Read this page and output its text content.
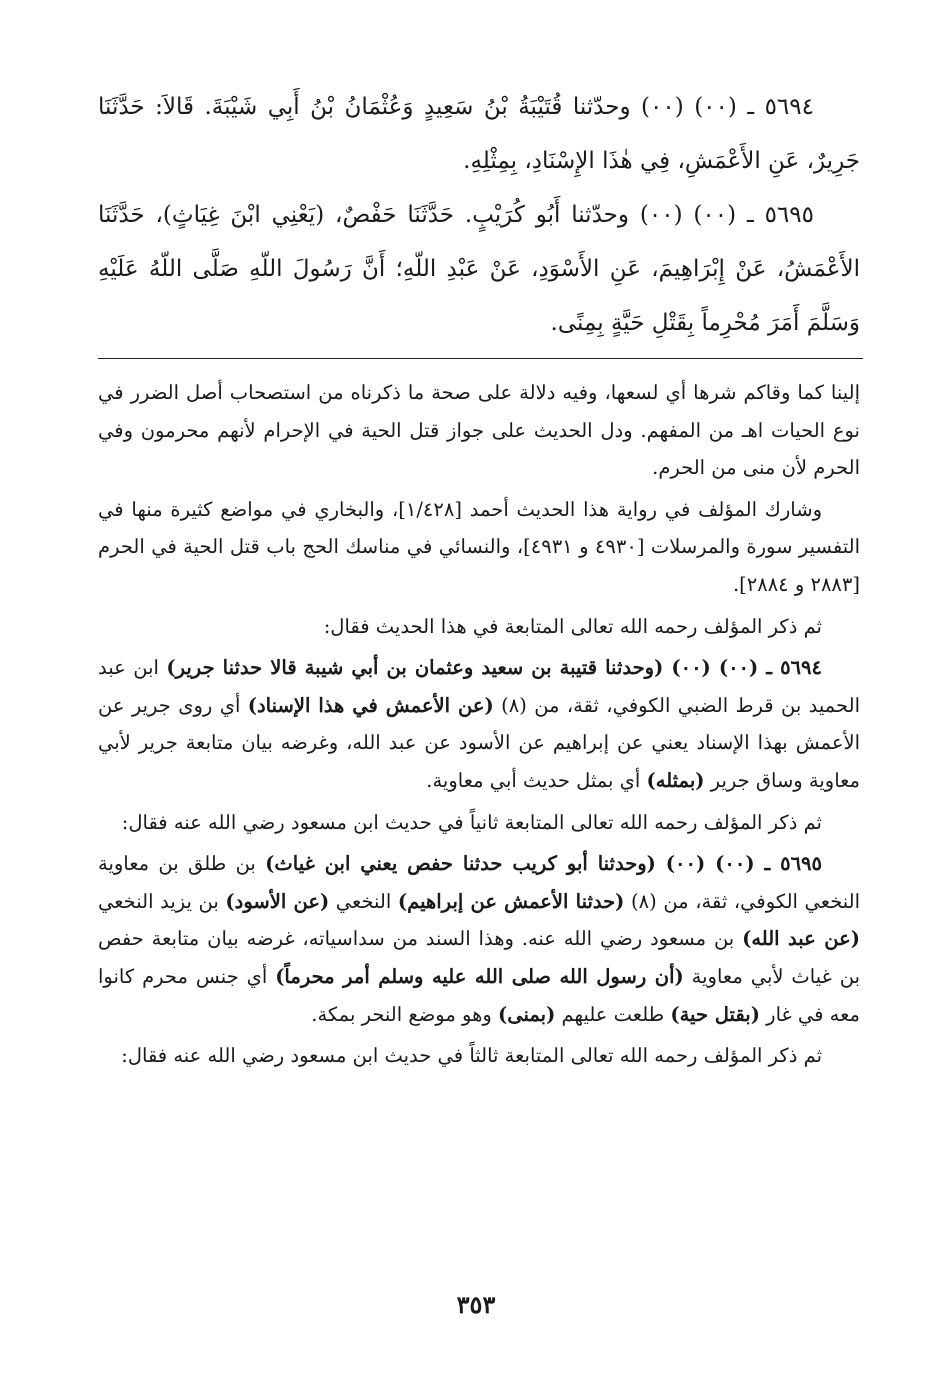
٥٦٩٤ ـ (٠٠) (٠٠) وحدّثنا قُتَيْبَةُ بْنُ سَعِيدٍ وَعُثْمَانُ بْنُ أَبِي شَيْبَةَ. قَالاَ: حَدَّثَنَا جَرِيرٌ، عَنِ الأَعْمَشِ، فِي هٰذَا الإِسْنَادِ، بِمِثْلِهِ.

٥٦٩٥ ـ (٠٠) (٠٠) وحدّثنا أَبُو كُرَيْبٍ. حَدَّثَنَا حَفْصٌ، (يَعْنِي ابْنَ غِيَاثٍ)، حَدَّثَنَا الأَعْمَشُ، عَنْ إِبْرَاهِيمَ، عَنِ الأَسْوَدِ، عَنْ عَبْدِ اللّهِ؛ أَنَّ رَسُولَ اللّهِ صَلَّى اللّهُ عَلَيْهِ وَسَلَّمَ أَمَرَ مُحْرِماً بِقَتْلِ حَيَّةٍ بِمِنًى.

إلينا كما وقاكم شرها أي لسعها، وفيه دلالة على صحة ما ذكرناه من استصحاب أصل الضرر في نوع الحيات اهـ من المفهم. ودل الحديث على جواز قتل الحية في الإحرام لأنهم محرمون وفي الحرم لأن منى من الحرم.

وشارك المؤلف في رواية هذا الحديث أحمد [١/٤٢٨]، والبخاري في مواضع كثيرة منها في التفسير سورة والمرسلات [٤٩٣٠ و ٤٩٣١]، والنسائي في مناسك الحج باب قتل الحية في الحرم [٢٨٨٣ و ٢٨٨٤].

ثم ذكر المؤلف رحمه الله تعالى المتابعة في هذا الحديث فقال:

٥٦٩٤ ـ (٠٠) (٠٠) (وحدثنا قتيبة بن سعيد وعثمان بن أبي شيبة قالا حدثنا جرير) ابن عبد الحميد بن قرط الضبي الكوفي، ثقة، من (٨) (عن الأعمش في هذا الإسناد) أي روى جرير عن الأعمش بهذا الإسناد يعني عن إبراهيم عن الأسود عن عبد الله، وغرضه بيان متابعة جرير لأبي معاوية وساق جرير (بمثله) أي بمثل حديث أبي معاوية.

ثم ذكر المؤلف رحمه الله تعالى المتابعة ثانياً في حديث ابن مسعود رضي الله عنه فقال:

٥٦٩٥ ـ (٠٠) (٠٠) (وحدثنا أبو كريب حدثنا حفص يعني ابن غياث) بن طلق بن معاوية النخعي الكوفي، ثقة، من (٨) (حدثنا الأعمش عن إبراهيم) النخعي (عن الأسود) بن يزيد النخعي (عن عبد الله) بن مسعود رضي الله عنه. وهذا السند من سداسياته، غرضه بيان متابعة حفص بن غياث لأبي معاوية (أن رسول الله صلى الله عليه وسلم أمر محرماً) أي جنس محرم كانوا معه في غار (بقتل حية) طلعت عليهم (بمنى) وهو موضع النحر بمكة.

ثم ذكر المؤلف رحمه الله تعالى المتابعة ثالثاً في حديث ابن مسعود رضي الله عنه فقال:

٣٥٣
